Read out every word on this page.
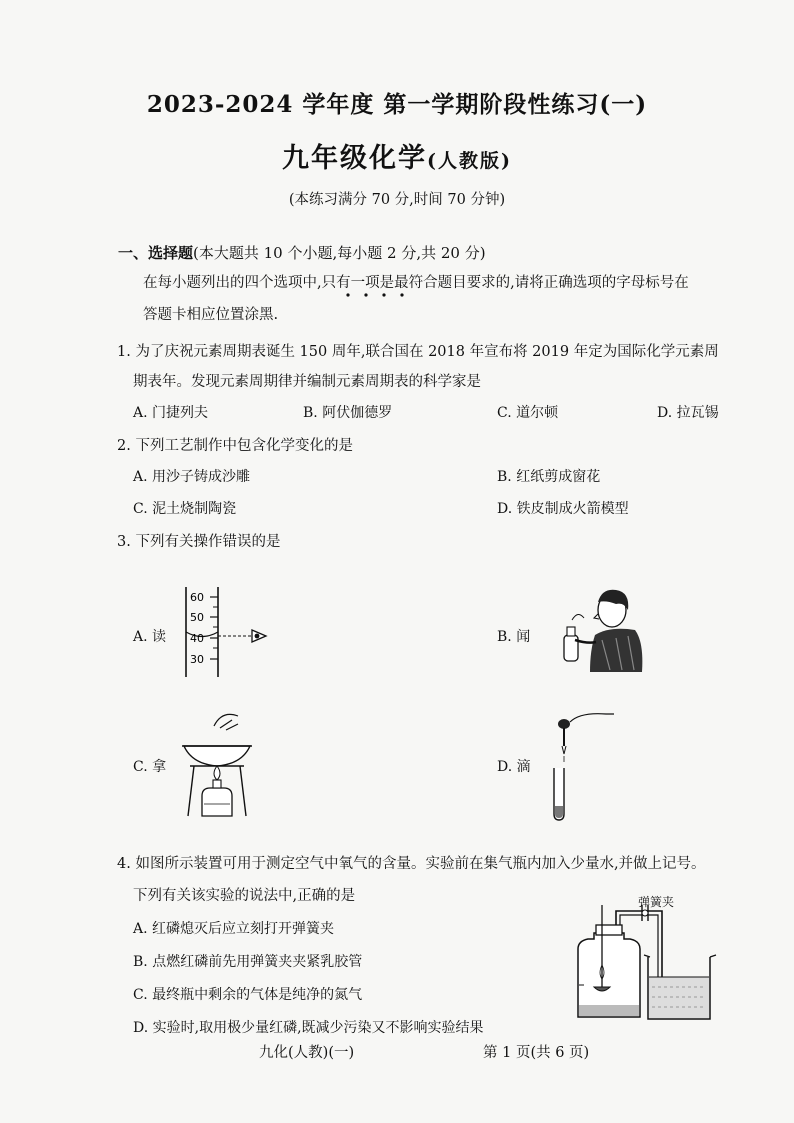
2023-2024 学年度 第一学期阶段性练习(一)
九年级化学(人教版)
(本练习满分 70 分,时间 70 分钟)
一、选择题(本大题共 10 个小题,每小题 2 分,共 20 分)
在每小题列出的四个选项中,只有一项是最符合题目要求的,请将正确选项的字母标号在
答题卡相应位置涂黑.
1. 为了庆祝元素周期表诞生 150 周年,联合国在 2018 年宣布将 2019 年定为国际化学元素周
期表年。发现元素周期律并编制元素周期表的科学家是
A. 门捷列夫	B. 阿伏伽德罗	C. 道尔顿	D. 拉瓦锡
2. 下列工艺制作中包含化学变化的是
A. 用沙子铸成沙雕	B. 红纸剪成窗花
C. 泥土烧制陶瓷	D. 铁皮制成火箭模型
3. 下列有关操作错误的是
A. 读	B. 闻
C. 拿	D. 滴
60
50
40
30
4. 如图所示装置可用于测定空气中氧气的含量。实验前在集气瓶内加入少量水,并做上记号。
下列有关该实验的说法中,正确的是
A. 红磷熄灭后应立刻打开弹簧夹
B. 点燃红磷前先用弹簧夹夹紧乳胶管
C. 最终瓶中剩余的气体是纯净的氮气
D. 实验时,取用极少量红磷,既减少污染又不影响实验结果
弹簧夹
九化(人教)(一)	第 1 页(共 6 页)
